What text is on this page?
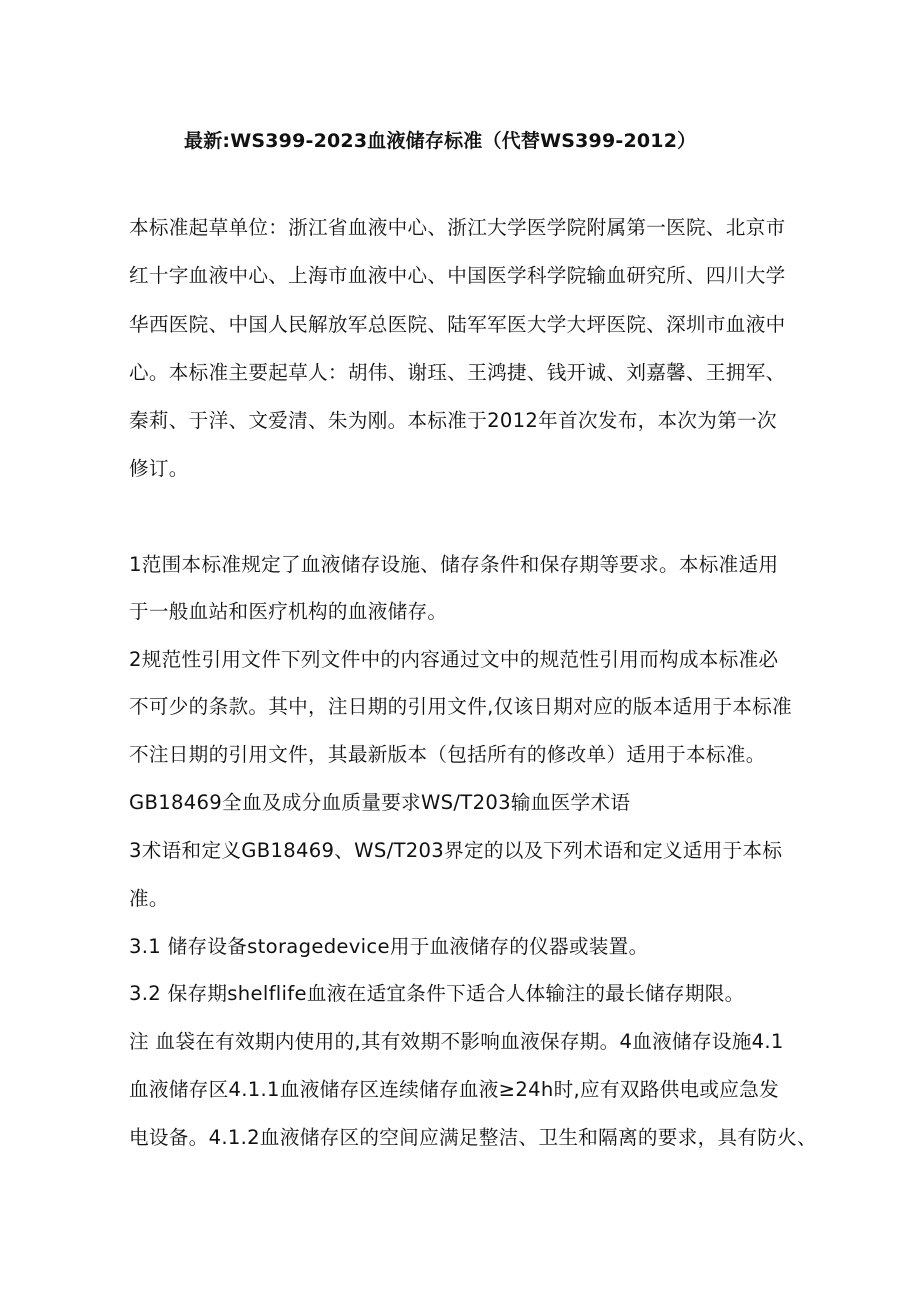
最新:WS399-2023血液储存标准（代替WS399-2012）
本标准起草单位：浙江省血液中心、浙江大学医学院附属第一医院、北京市
红十字血液中心、上海市血液中心、中国医学科学院输血研究所、四川大学
华西医院、中国人民解放军总医院、陆军军医大学大坪医院、深圳市血液中
心。本标准主要起草人：胡伟、谢珏、王鸿捷、钱开诚、刘嘉馨、王拥军、
秦莉、于洋、文爱清、朱为刚。本标准于2012年首次发布，本次为第一次
修订。
1范围本标准规定了血液储存设施、储存条件和保存期等要求。本标准适用
于一般血站和医疗机构的血液储存。
2规范性引用文件下列文件中的内容通过文中的规范性引用而构成本标准必
不可少的条款。其中，注日期的引用文件,仅该日期对应的版本适用于本标准
不注日期的引用文件，其最新版本（包括所有的修改单）适用于本标准。
GB18469全血及成分血质量要求WS/T203输血医学术语
3术语和定义GB18469、WS/T203界定的以及下列术语和定义适用于本标
准。
3.1 储存设备storagedevice用于血液储存的仪器或装置。
3.2 保存期shelflife血液在适宜条件下适合人体输注的最长储存期限。
注 血袋在有效期内使用的,其有效期不影响血液保存期。4血液储存设施4.1
血液储存区4.1.1血液储存区连续储存血液≥24h时,应有双路供电或应急发
电设备。4.1.2血液储存区的空间应满足整洁、卫生和隔离的要求，具有防火、
